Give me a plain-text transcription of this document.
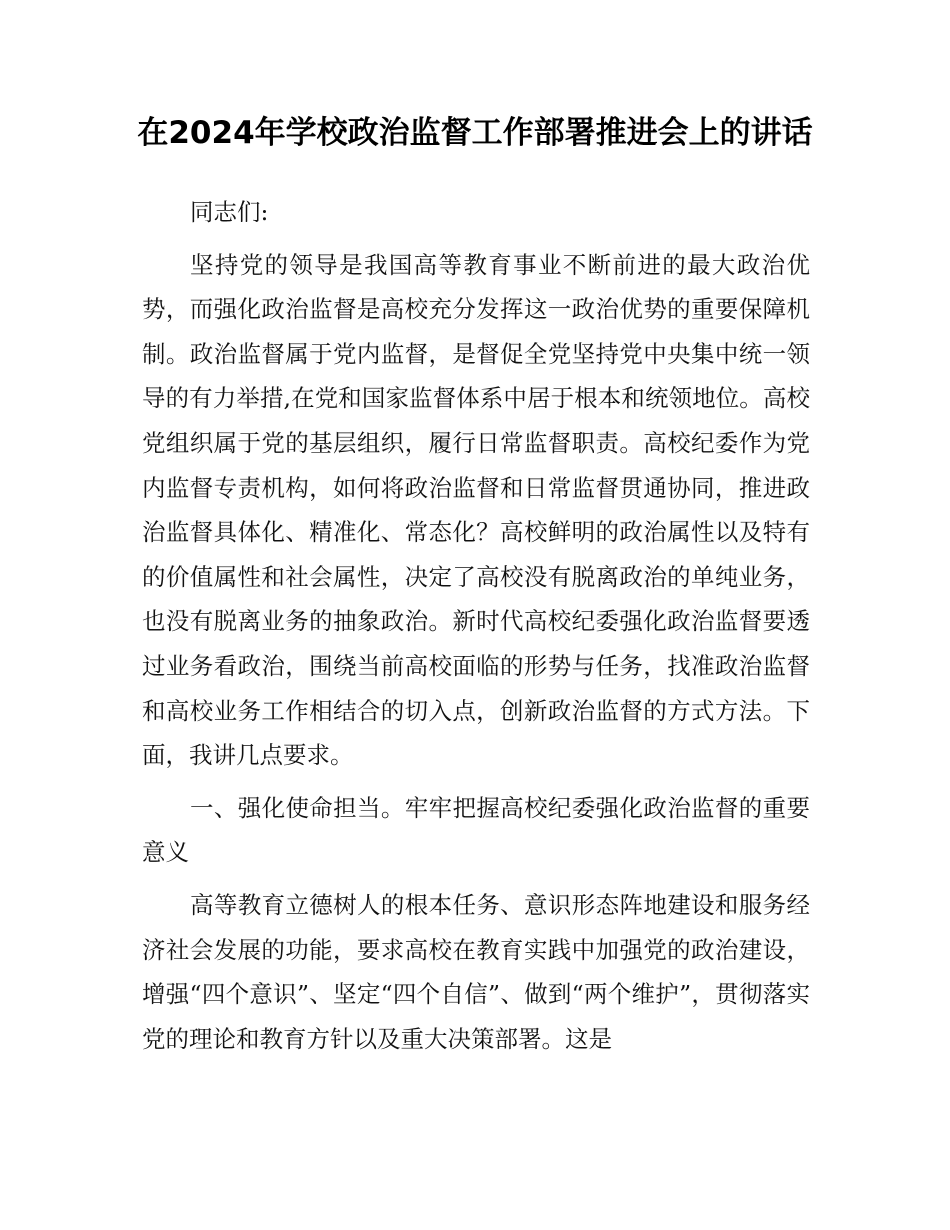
在2024年学校政治监督工作部署推进会上的讲话

同志们:

坚持党的领导是我国高等教育事业不断前进的最大政治优势，而强化政治监督是高校充分发挥这一政治优势的重要保障机制。政治监督属于党内监督，是督促全党坚持党中央集中统一领导的有力举措,在党和国家监督体系中居于根本和统领地位。高校党组织属于党的基层组织，履行日常监督职责。高校纪委作为党内监督专责机构，如何将政治监督和日常监督贯通协同，推进政治监督具体化、精准化、常态化？高校鲜明的政治属性以及特有的价值属性和社会属性，决定了高校没有脱离政治的单纯业务，也没有脱离业务的抽象政治。新时代高校纪委强化政治监督要透过业务看政治，围绕当前高校面临的形势与任务，找准政治监督和高校业务工作相结合的切入点，创新政治监督的方式方法。下面，我讲几点要求。

一、强化使命担当。牢牢把握高校纪委强化政治监督的重要意义

高等教育立德树人的根本任务、意识形态阵地建设和服务经济社会发展的功能，要求高校在教育实践中加强党的政治建设，增强“四个意识”、坚定“四个自信”、做到“两个维护”，贯彻落实党的理论和教育方针以及重大决策部署。这是
